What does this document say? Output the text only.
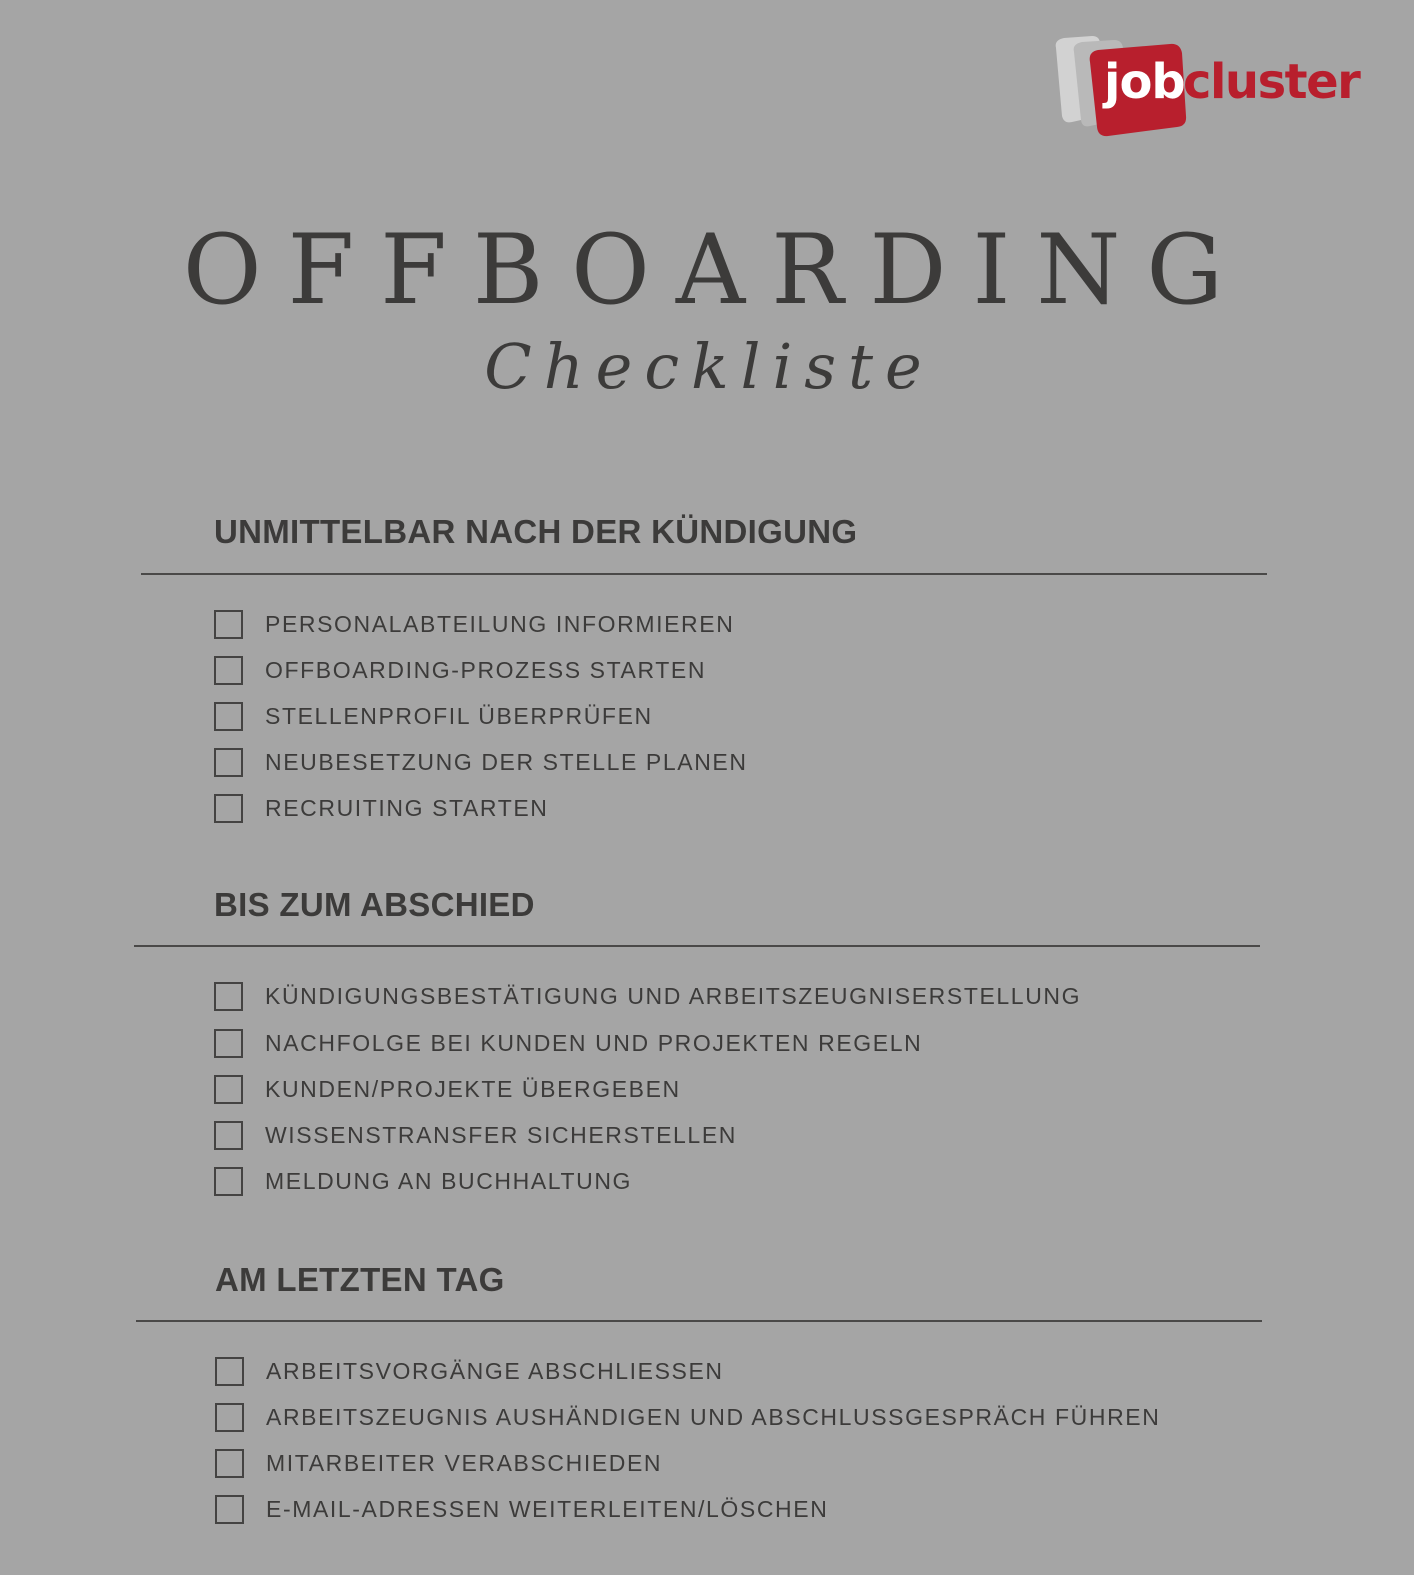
job
cluster
OFFBOARDING
Checkliste
UNMITTELBAR NACH DER KÜNDIGUNG
PERSONALABTEILUNG INFORMIEREN
OFFBOARDING-PROZESS STARTEN
STELLENPROFIL ÜBERPRÜFEN
NEUBESETZUNG DER STELLE PLANEN
RECRUITING STARTEN
BIS ZUM ABSCHIED
KÜNDIGUNGSBESTÄTIGUNG UND ARBEITSZEUGNISERSTELLUNG
NACHFOLGE BEI KUNDEN UND PROJEKTEN REGELN
KUNDEN/PROJEKTE ÜBERGEBEN
WISSENSTRANSFER SICHERSTELLEN
MELDUNG AN BUCHHALTUNG
AM LETZTEN TAG
ARBEITSVORGÄNGE ABSCHLIESSEN
ARBEITSZEUGNIS AUSHÄNDIGEN UND ABSCHLUSSGESPRÄCH FÜHREN
MITARBEITER VERABSCHIEDEN
E-MAIL-ADRESSEN WEITERLEITEN/LÖSCHEN
